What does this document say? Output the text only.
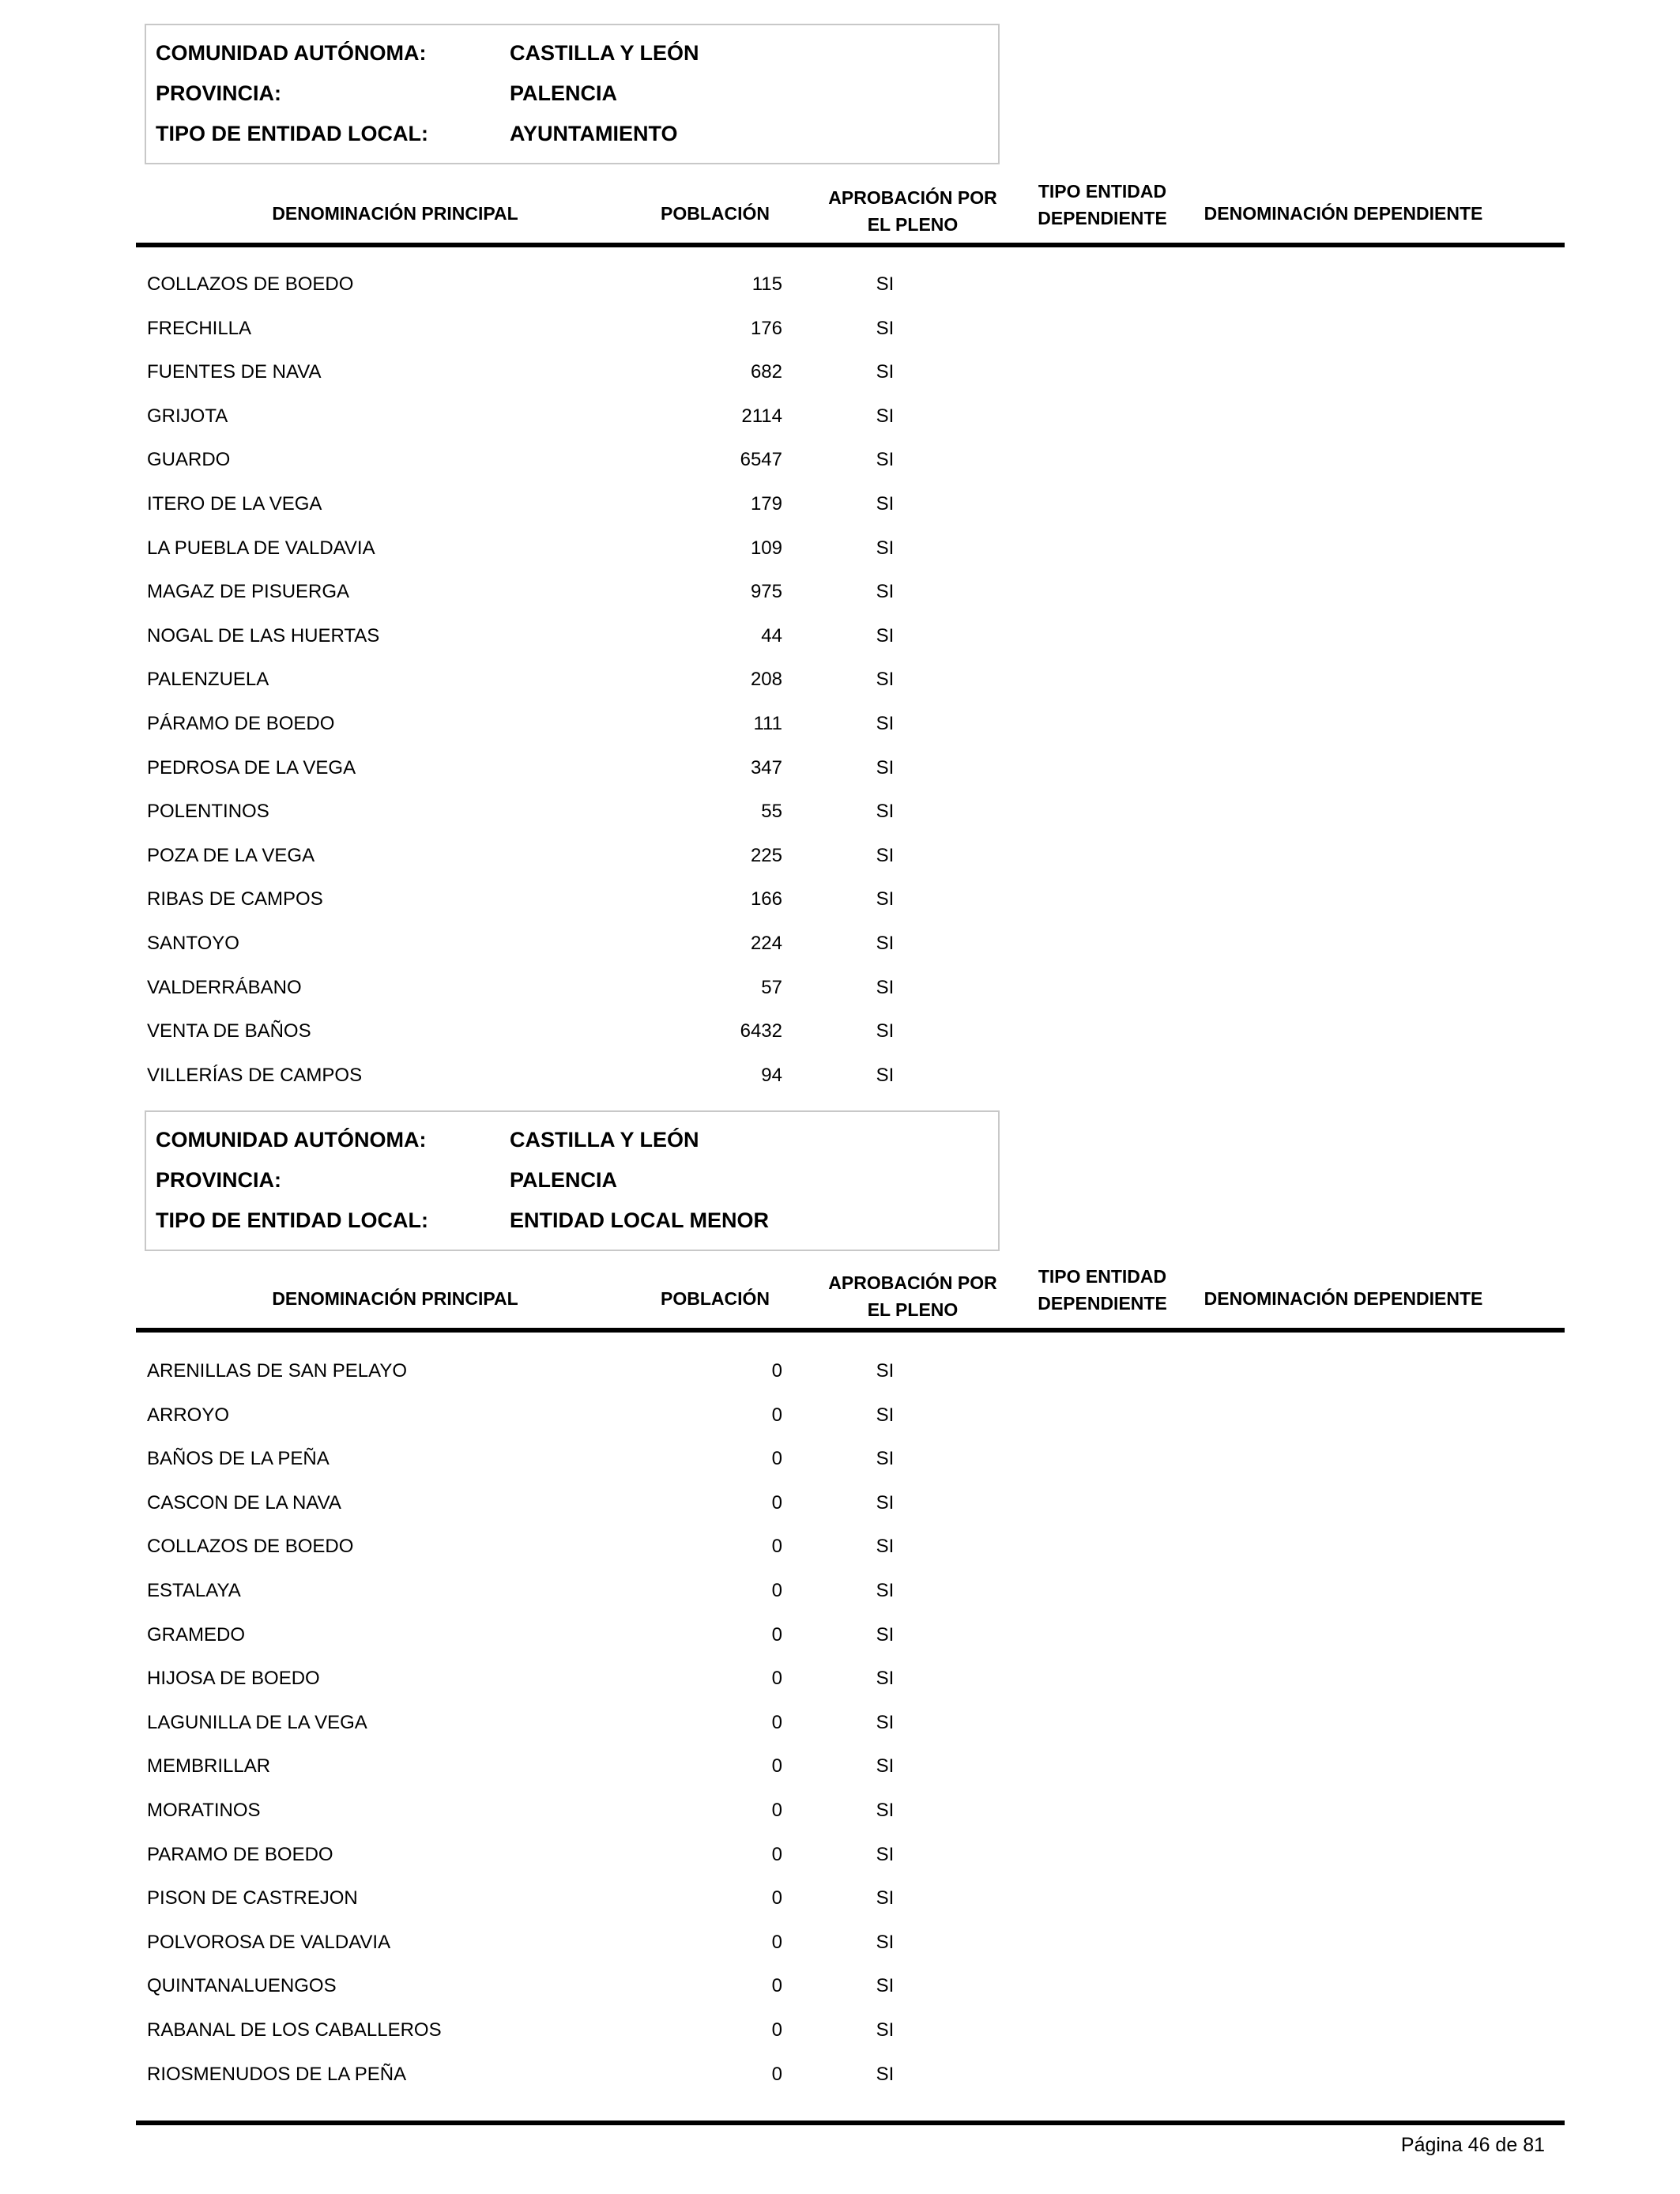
COMUNIDAD AUTÓNOMA:	CASTILLA Y LEÓN
PROVINCIA:	PALENCIA
TIPO DE ENTIDAD LOCAL:	AYUNTAMIENTO
DENOMINACIÓN PRINCIPAL	POBLACIÓN
APROBACIÓN POR
EL PLENO
TIPO ENTIDAD
DEPENDIENTE	DENOMINACIÓN DEPENDIENTE
COLLAZOS DE BOEDO	115	SI
FRECHILLA	176	SI
FUENTES DE NAVA	682	SI
GRIJOTA	2114	SI
GUARDO	6547	SI
ITERO DE LA VEGA	179	SI
LA PUEBLA DE VALDAVIA	109	SI
MAGAZ DE PISUERGA	975	SI
NOGAL DE LAS HUERTAS	44	SI
PALENZUELA	208	SI
PÁRAMO DE BOEDO	111	SI
PEDROSA DE LA VEGA	347	SI
POLENTINOS	55	SI
POZA DE LA VEGA	225	SI
RIBAS DE CAMPOS	166	SI
SANTOYO	224	SI
VALDERRÁBANO	57	SI
VENTA DE BAÑOS	6432	SI
VILLERÍAS DE CAMPOS	94	SI
COMUNIDAD AUTÓNOMA:	CASTILLA Y LEÓN
PROVINCIA:	PALENCIA
TIPO DE ENTIDAD LOCAL:	ENTIDAD LOCAL MENOR
DENOMINACIÓN PRINCIPAL	POBLACIÓN
APROBACIÓN POR
EL PLENO
TIPO ENTIDAD
DEPENDIENTE	DENOMINACIÓN DEPENDIENTE
ARENILLAS DE SAN PELAYO	0	SI
ARROYO	0	SI
BAÑOS DE LA PEÑA	0	SI
CASCON DE LA NAVA	0	SI
COLLAZOS DE BOEDO	0	SI
ESTALAYA	0	SI
GRAMEDO	0	SI
HIJOSA DE BOEDO	0	SI
LAGUNILLA DE LA VEGA	0	SI
MEMBRILLAR	0	SI
MORATINOS	0	SI
PARAMO DE BOEDO	0	SI
PISON DE CASTREJON	0	SI
POLVOROSA DE VALDAVIA	0	SI
QUINTANALUENGOS	0	SI
RABANAL DE LOS CABALLEROS	0	SI
RIOSMENUDOS DE LA PEÑA	0	SI
Página 46 de 81
